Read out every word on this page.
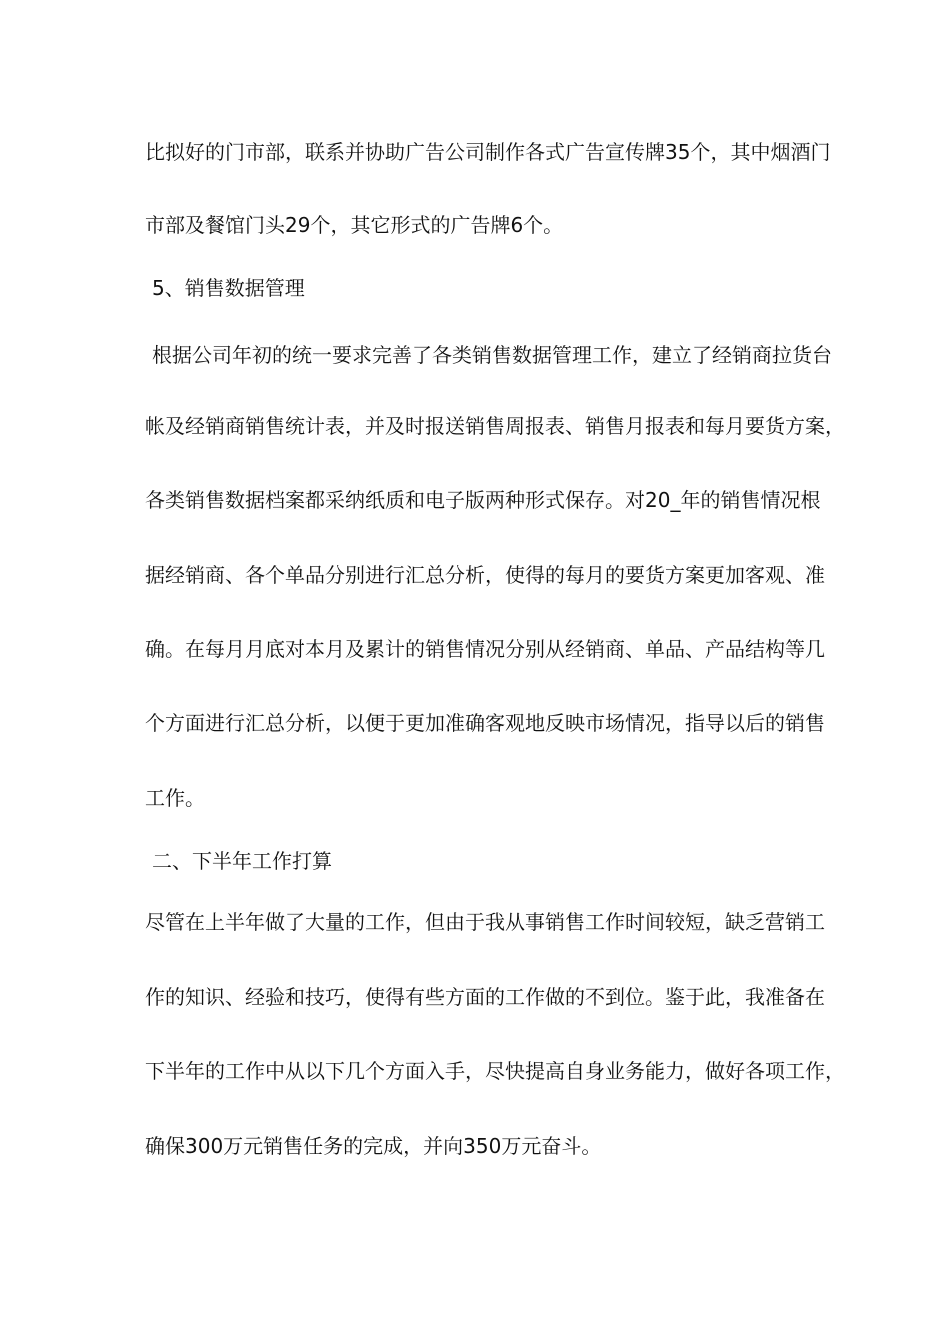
比拟好的门市部，联系并协助广告公司制作各式广告宣传牌35个，其中烟酒门
市部及餐馆门头29个，其它形式的广告牌6个。
5、销售数据管理
根据公司年初的统一要求完善了各类销售数据管理工作，建立了经销商拉货台
帐及经销商销售统计表，并及时报送销售周报表、销售月报表和每月要货方案，
各类销售数据档案都采纳纸质和电子版两种形式保存。对20_年的销售情况根
据经销商、各个单品分别进行汇总分析，使得的每月的要货方案更加客观、准
确。在每月月底对本月及累计的销售情况分别从经销商、单品、产品结构等几
个方面进行汇总分析，以便于更加准确客观地反映市场情况，指导以后的销售
工作。
二、下半年工作打算
尽管在上半年做了大量的工作，但由于我从事销售工作时间较短，缺乏营销工
作的知识、经验和技巧，使得有些方面的工作做的不到位。鉴于此，我准备在
下半年的工作中从以下几个方面入手，尽快提高自身业务能力，做好各项工作，
确保300万元销售任务的完成，并向350万元奋斗。
